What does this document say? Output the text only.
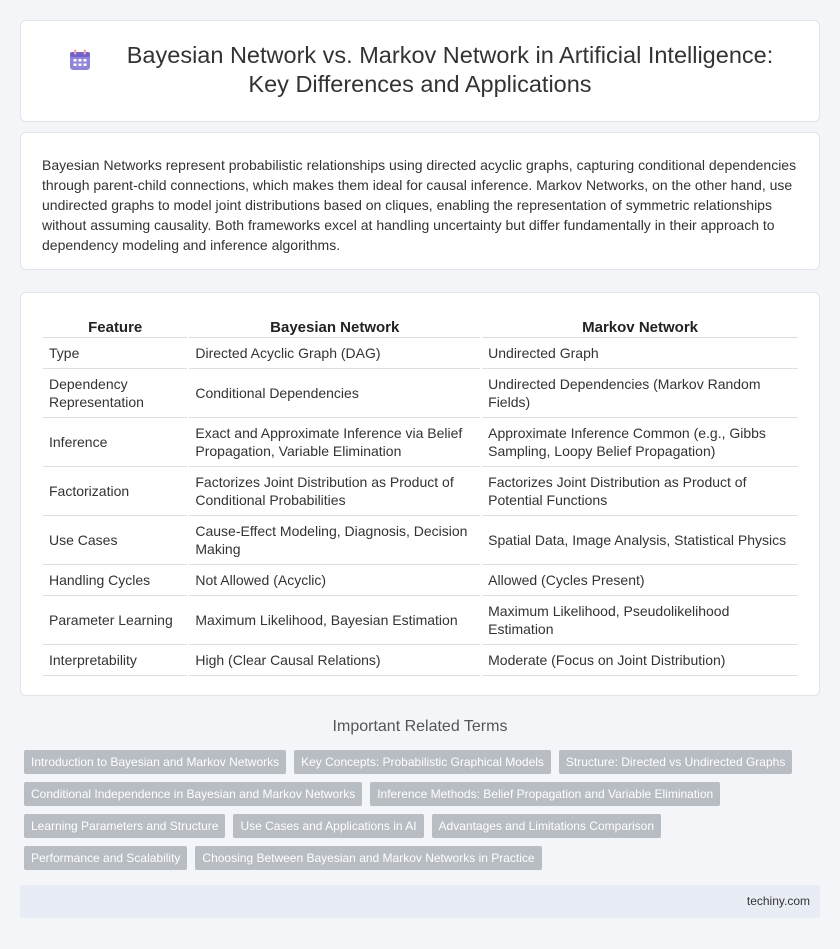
Bayesian Network vs. Markov Network in Artificial Intelligence:
Key Differences and Applications

Bayesian Networks represent probabilistic relationships using directed acyclic graphs, capturing conditional dependencies through parent-child connections, which makes them ideal for causal inference. Markov Networks, on the other hand, use undirected graphs to model joint distributions based on cliques, enabling the representation of symmetric relationships without assuming causality. Both frameworks excel at handling uncertainty but differ fundamentally in their approach to dependency modeling and inference algorithms.

Feature	Bayesian Network	Markov Network
Type	Directed Acyclic Graph (DAG)	Undirected Graph
Dependency Representation	Conditional Dependencies	Undirected Dependencies (Markov Random Fields)
Inference	Exact and Approximate Inference via Belief Propagation, Variable Elimination	Approximate Inference Common (e.g., Gibbs Sampling, Loopy Belief Propagation)
Factorization	Factorizes Joint Distribution as Product of Conditional Probabilities	Factorizes Joint Distribution as Product of Potential Functions
Use Cases	Cause-Effect Modeling, Diagnosis, Decision Making	Spatial Data, Image Analysis, Statistical Physics
Handling Cycles	Not Allowed (Acyclic)	Allowed (Cycles Present)
Parameter Learning	Maximum Likelihood, Bayesian Estimation	Maximum Likelihood, Pseudolikelihood Estimation
Interpretability	High (Clear Causal Relations)	Moderate (Focus on Joint Distribution)
Important Related Terms
Introduction to Bayesian and Markov Networks	Key Concepts: Probabilistic Graphical Models	Structure: Directed vs Undirected Graphs
Conditional Independence in Bayesian and Markov Networks	Inference Methods: Belief Propagation and Variable Elimination
Learning Parameters and Structure	Use Cases and Applications in AI	Advantages and Limitations Comparison
Performance and Scalability	Choosing Between Bayesian and Markov Networks in Practice
techiny.com
